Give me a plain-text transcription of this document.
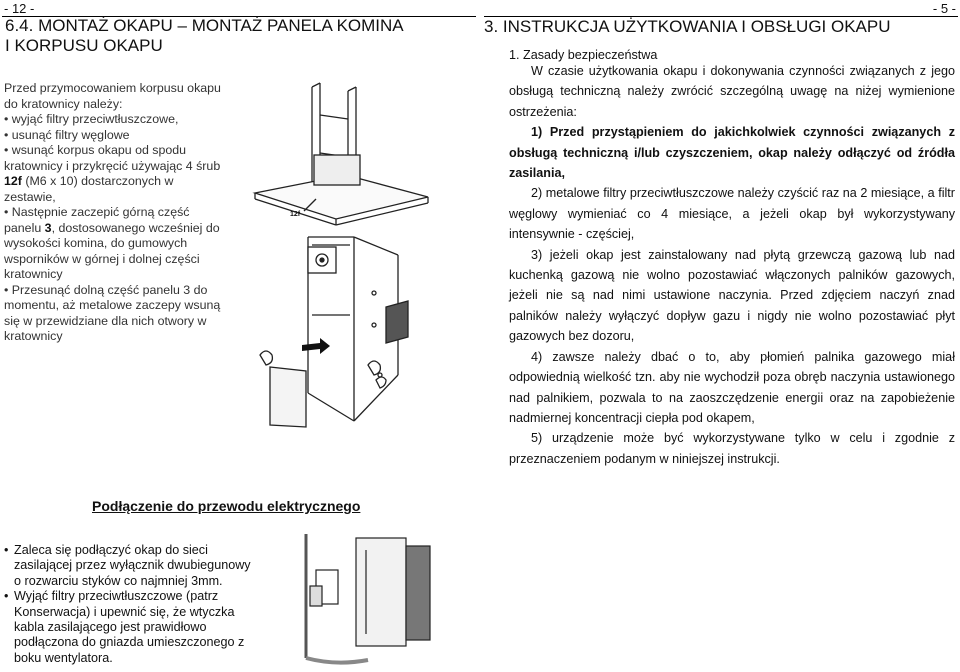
- 12 -
6.4. MONTAŻ OKAPU – MONTAŻ PANELA KOMINA
I KORPUSU OKAPU
Przed przymocowaniem korpusu okapu
do kratownicy należy:
• wyjąć filtry przeciwtłuszczowe,
• usunąć filtry węglowe
• wsunąć korpus okapu od spodu
kratownicy i przykręcić używając 4 śrub
12f (M6 x 10) dostarczonych w
zestawie,
• Następnie zaczepić górną część
panelu 3, dostosowanego wcześniej do
wysokości komina, do gumowych
wsporników w górnej i dolnej części
kratownicy
• Przesunąć dolną część panelu 3 do
momentu, aż metalowe zaczepy wsuną
się w przewidziane dla nich otwory w
kratownicy
12f
Podłączenie do przewodu elektrycznego
• Zaleca się podłączyć okap do sieci zasilającej przez wyłącznik dwubiegunowy o rozwarciu styków co najmniej 3mm.
• Wyjąć filtry przeciwtłuszczowe (patrz Konserwacja) i upewnić się, że wtyczka kabla zasilającego jest prawidłowo podłączona do gniazda umieszczonego z boku wentylatora.
- 5 -
3. INSTRUKCJA UŻYTKOWANIA I OBSŁUGI OKAPU
1. Zasady bezpieczeństwa

W czasie użytkowania okapu i dokonywania czynności związanych z jego obsługą techniczną należy zwrócić szczególną uwagę na niżej wymienione ostrzeżenia:

1) Przed przystąpieniem do jakichkolwiek czynności związanych z obsługą techniczną i/lub czyszczeniem, okap należy odłączyć od źródła zasilania,

2) metalowe filtry przeciwtłuszczowe należy czyścić raz na 2 miesiące, a filtr węglowy wymieniać co 4 miesiące, a jeżeli okap był wykorzystywany intensywnie - częściej,

3) jeżeli okap jest zainstalowany nad płytą grzewczą gazową lub nad kuchenką gazową nie wolno pozostawiać włączonych palników gazowych, jeżeli nie są nad nimi ustawione naczynia. Przed zdjęciem naczyń znad palników należy wyłączyć dopływ gazu i nigdy nie wolno pozostawiać płyt gazowych bez dozoru,

4) zawsze należy dbać o to, aby płomień palnika gazowego miał odpowiednią wielkość tzn. aby nie wychodził poza obręb naczynia ustawionego nad palnikiem, pozwala to na zaoszczędzenie energii oraz na zapobieżenie nadmiernej koncentracji ciepła pod okapem,

5) urządzenie może być wykorzystywane tylko w celu i zgodnie z przeznaczeniem podanym w niniejszej instrukcji.
